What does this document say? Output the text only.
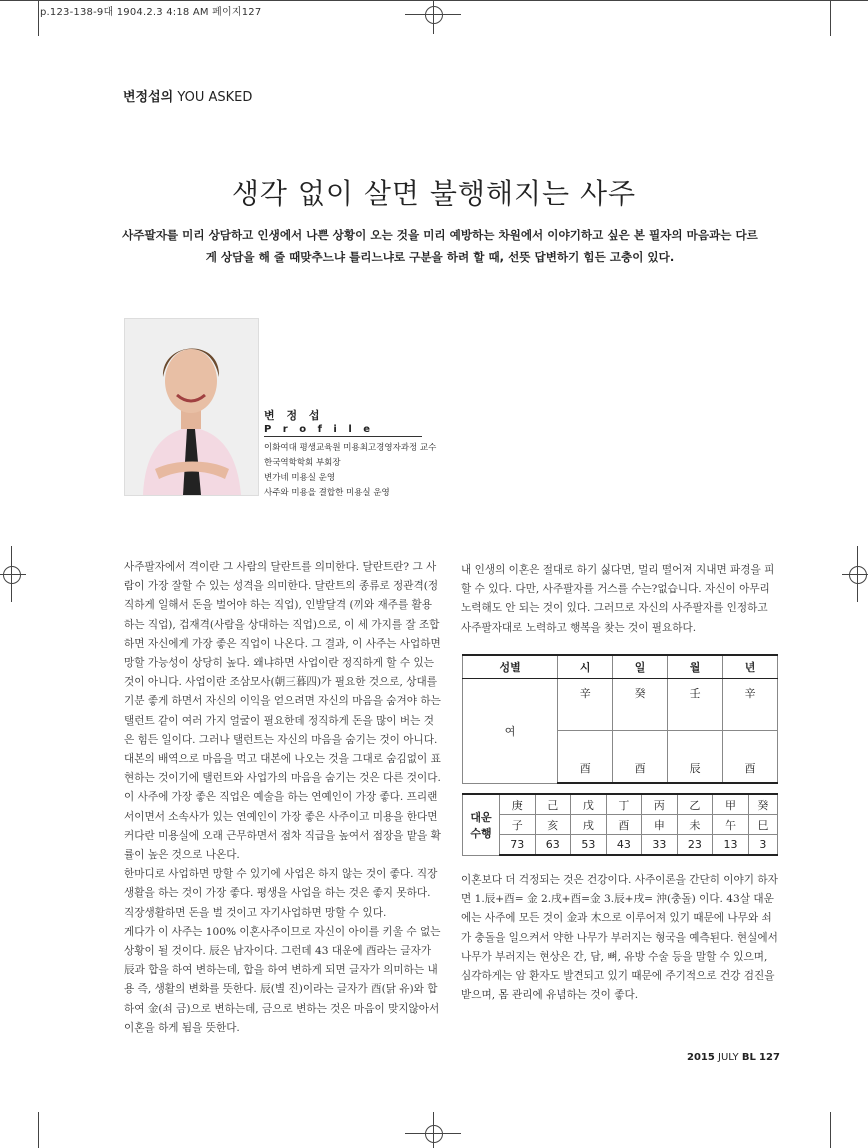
p.123-138-9대 1904.2.3 4:18 AM 페이지127
변정섭의 YOU ASKED
생각 없이 살면 불행해지는 사주
사주팔자를 미리 상담하고 인생에서 나쁜 상황이 오는 것을 미리 예방하는 차원에서 이야기하고 싶은 본 필자의 마음과는 다르게 상담을 해 줄 때맞추느냐 틀리느냐로 구분을 하려 할 때, 선뜻 답변하기 힘든 고충이 있다.
변 정 섭
P r o f i l e
이화여대 평생교육원 미용최고경영자과정 교수
한국역학학회 부회장
변가네 미용실 운영
사주와 미용을 결합한 미용실 운영

사주팔자에서 격이란 그 사람의 달란트를 의미한다. 달란트란? 그 사람이 가장 잘할 수 있는 성격을 의미한다. 달란트의 종류로 정관격(정직하게 일해서 돈을 벌어야 하는 직업), 인발달격 (끼와 재주를 활용하는 직업), 겁재격(사람을 상대하는 직업)으로, 이 세 가지를 잘 조합하면 자신에게 가장 좋은 직업이 나온다. 그 결과, 이 사주는 사업하면 망할 가능성이 상당히 높다. 왜냐하면 사업이란 정직하게 할 수 있는 것이 아니다. 사업이란 조삼모사(朝三暮四)가 필요한 것으로, 상대를 기분 좋게 하면서 자신의 이익을 얻으려면 자신의 마음을 숨겨야 하는 탤런트 같이 여러 가지 얼굴이 필요한데 정직하게 돈을 많이 버는 것은 힘든 일이다. 그러나 탤런트는 자신의 마음을 숨기는 것이 아니다. 대본의 배역으로 마음을 먹고 대본에 나오는 것을 그대로 숨김없이 표현하는 것이기에 탤런트와 사업가의 마음을 숨기는 것은 다른 것이다. 이 사주에 가장 좋은 직업은 예술을 하는 연예인이 가장 좋다. 프리랜서이면서 소속사가 있는 연예인이 가장 좋은 사주이고 미용을 한다면 커다란 미용실에 오래 근무하면서 점차 직급을 높여서 점장을 맡을 확률이 높은 것으로 나온다.

한마디로 사업하면 망할 수 있기에 사업은 하지 않는 것이 좋다. 직장생활을 하는 것이 가장 좋다. 평생을 사업을 하는 것은 좋지 못하다. 직장생활하면 돈을 벌 것이고 자기사업하면 망할 수 있다.

게다가 이 사주는 100% 이혼사주이므로 자신이 아이를 키울 수 없는 상황이 될 것이다. 辰은 남자이다. 그런데 43 대운에 酉라는 글자가 辰과 합을 하여 변하는데, 합을 하여 변하게 되면 글자가 의미하는 내용 즉, 생활의 변화를 뜻한다. 辰(별 진)이라는 글자가 酉(닭 유)와 합하여 金(쇠 금)으로 변하는데, 금으로 변하는 것은 마음이 맞지않아서 이혼을 하게 됨을 뜻한다.

내 인생의 이혼은 절대로 하기 싫다면, 멀리 떨어져 지내면 파경을 피할 수 있다. 다만, 사주팔자를 거스를 수는?없습니다. 자신이 아무리 노력해도 안 되는 것이 있다. 그러므로 자신의 사주팔자를 인정하고 사주팔자대로 노력하고 행복을 찾는 것이 필요하다.

성별	시	일	월	년
여	辛	癸	壬	辛
	酉	酉	辰	酉
대운
수행	庚	己	戊	丁	丙	乙	甲	癸
	子	亥	戌	酉	申	未	午	巳
	73	63	53	43	33	23	13	3

이혼보다 더 걱정되는 것은 건강이다. 사주이론을 간단히 이야기 하자면 1.辰+酉= 金 2.戌+酉=金 3.辰+戌= 沖(충돌) 이다. 43살 대운에는 사주에 모든 것이 金과 木으로 이루어져 있기 때문에 나무와 쇠가 충돌을 일으켜서 약한 나무가 부러지는 형국을 예측된다. 현실에서 나무가 부러지는 현상은 간, 담, 뼈, 유방 수술 등을 말할 수 있으며, 심각하게는 암 환자도 발견되고 있기 때문에 주기적으로 건강 검진을 받으며, 몸 관리에 유념하는 것이 좋다.

2015 JULY BL 127
